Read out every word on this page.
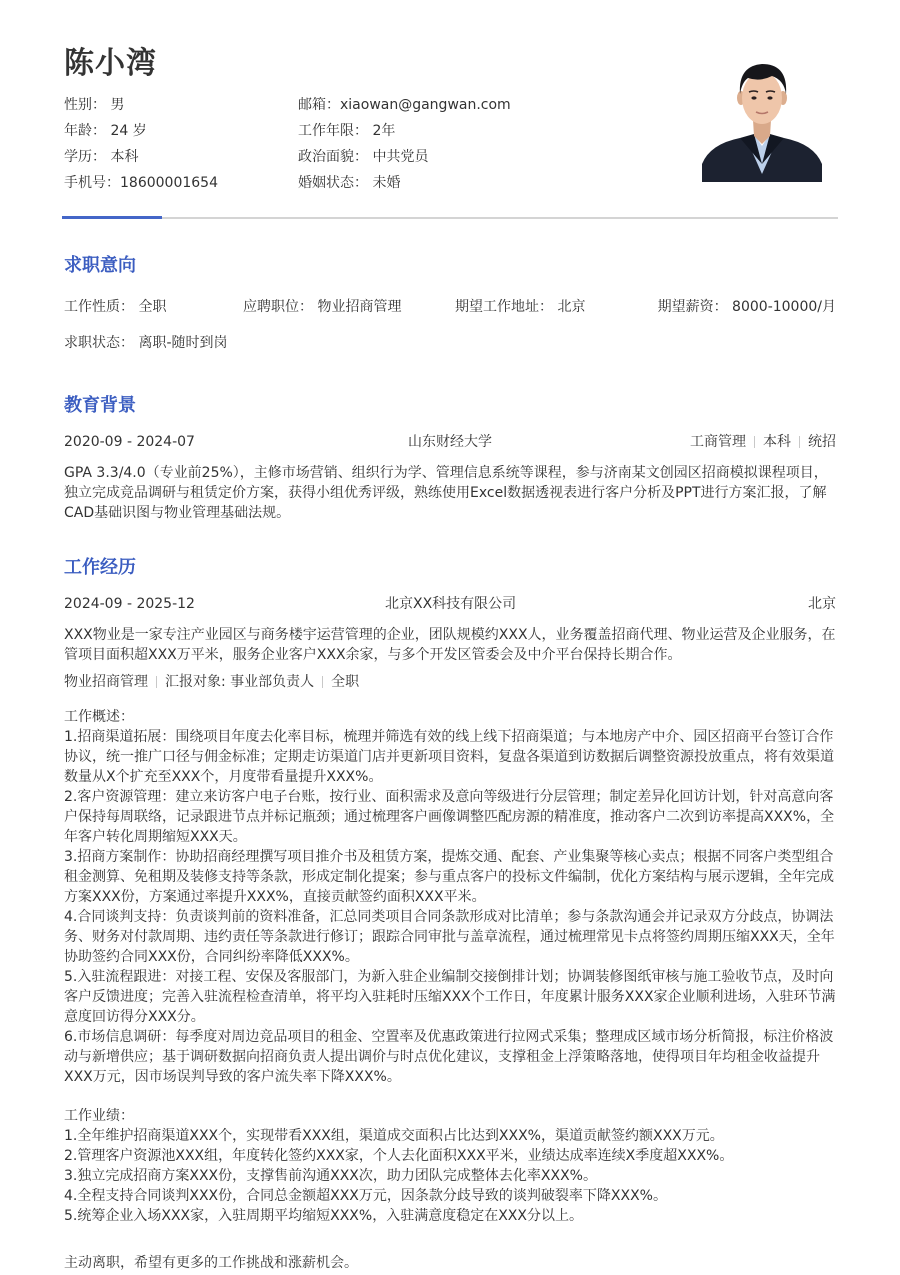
陈小湾
性别： 男	邮箱：xiaowan@gangwan.com
年龄： 24 岁	工作年限： 2年
学历： 本科	政治面貌： 中共党员
手机号：18600001654	婚姻状态： 未婚
求职意向
工作性质： 全职	应聘职位： 物业招商管理	期望工作地址： 北京	期望薪资： 8000-10000/月
求职状态： 离职-随时到岗
教育背景
2020-09 - 2024-07	山东财经大学	工商管理 本科 统招
GPA 3.3/4.0（专业前25%），主修市场营销、组织行为学、管理信息系统等课程，参与济南某文创园区招商模拟课程项目，
独立完成竞品调研与租赁定价方案，获得小组优秀评级，熟练使用Excel数据透视表进行客户分析及PPT进行方案汇报，了解
CAD基础识图与物业管理基础法规。
工作经历
2024-09 - 2025-12	北京XX科技有限公司	北京
XXX物业是一家专注产业园区与商务楼宇运营管理的企业，团队规模约XXX人，业务覆盖招商代理、物业运营及企业服务，在
管项目面积超XXX万平米，服务企业客户XXX余家，与多个开发区管委会及中介平台保持长期合作。
物业招商管理 汇报对象: 事业部负责人 全职
工作概述：
1.招商渠道拓展：围绕项目年度去化率目标，梳理并筛选有效的线上线下招商渠道；与本地房产中介、园区招商平台签订合作
协议，统一推广口径与佣金标准；定期走访渠道门店并更新项目资料，复盘各渠道到访数据后调整资源投放重点，将有效渠道
数量从X个扩充至XXX个，月度带看量提升XXX%。
2.客户资源管理：建立来访客户电子台账，按行业、面积需求及意向等级进行分层管理；制定差异化回访计划，针对高意向客
户保持每周联络，记录跟进节点并标记瓶颈；通过梳理客户画像调整匹配房源的精准度，推动客户二次到访率提高XXX%，全
年客户转化周期缩短XXX天。
3.招商方案制作：协助招商经理撰写项目推介书及租赁方案，提炼交通、配套、产业集聚等核心卖点；根据不同客户类型组合
租金测算、免租期及装修支持等条款，形成定制化提案；参与重点客户的投标文件编制，优化方案结构与展示逻辑，全年完成
方案XXX份，方案通过率提升XXX%，直接贡献签约面积XXX平米。
4.合同谈判支持：负责谈判前的资料准备，汇总同类项目合同条款形成对比清单；参与条款沟通会并记录双方分歧点，协调法
务、财务对付款周期、违约责任等条款进行修订；跟踪合同审批与盖章流程，通过梳理常见卡点将签约周期压缩XXX天，全年
协助签约合同XXX份，合同纠纷率降低XXX%。
5.入驻流程跟进：对接工程、安保及客服部门，为新入驻企业编制交接倒排计划；协调装修图纸审核与施工验收节点，及时向
客户反馈进度；完善入驻流程检查清单，将平均入驻耗时压缩XXX个工作日，年度累计服务XXX家企业顺利进场，入驻环节满
意度回访得分XXX分。
6.市场信息调研：每季度对周边竞品项目的租金、空置率及优惠政策进行拉网式采集；整理成区域市场分析简报，标注价格波
动与新增供应；基于调研数据向招商负责人提出调价与时点优化建议，支撑租金上浮策略落地，使得项目年均租金收益提升
XXX万元，因市场误判导致的客户流失率下降XXX%。
工作业绩：
1.全年维护招商渠道XXX个，实现带看XXX组，渠道成交面积占比达到XXX%，渠道贡献签约额XXX万元。
2.管理客户资源池XXX组，年度转化签约XXX家，个人去化面积XXX平米，业绩达成率连续X季度超XXX%。
3.独立完成招商方案XXX份，支撑售前沟通XXX次，助力团队完成整体去化率XXX%。
4.全程支持合同谈判XXX份，合同总金额超XXX万元，因条款分歧导致的谈判破裂率下降XXX%。
5.统筹企业入场XXX家，入驻周期平均缩短XXX%，入驻满意度稳定在XXX分以上。
主动离职，希望有更多的工作挑战和涨薪机会。
